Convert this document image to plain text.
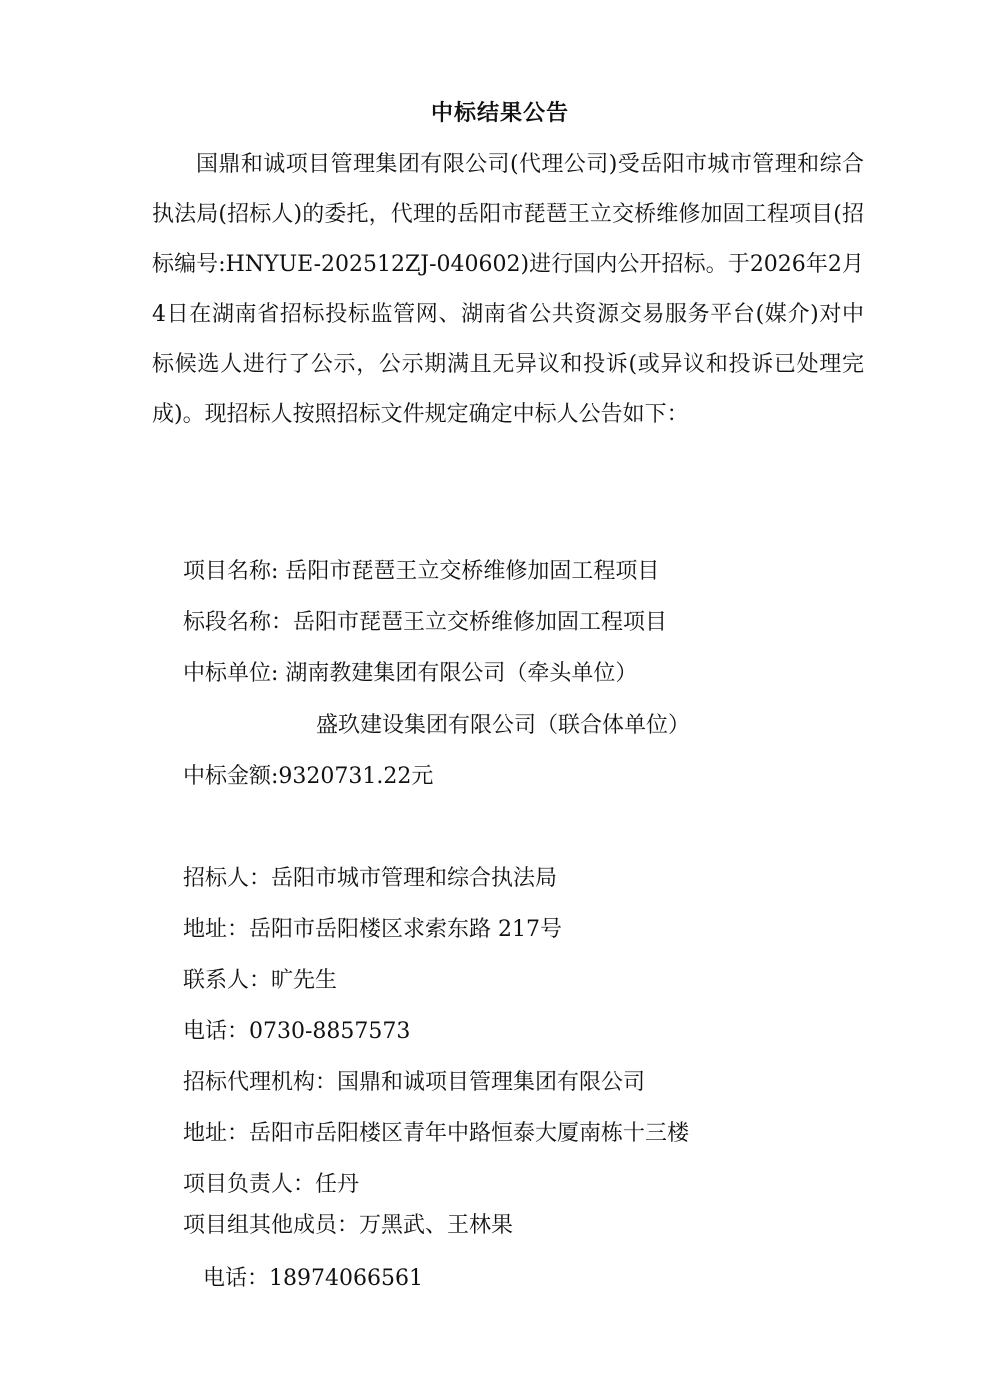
中标结果公告

国鼎和诚项目管理集团有限公司(代理公司)受岳阳市城市管理和综合执法局(招标人)的委托，代理的岳阳市琵琶王立交桥维修加固工程项目(招标编号:HNYUE-202512ZJ-040602)进行国内公开招标。于2026年2月4日在湖南省招标投标监管网、湖南省公共资源交易服务平台(媒介)对中标候选人进行了公示，公示期满且无异议和投诉(或异议和投诉已处理完成)。现招标人按照招标文件规定确定中标人公告如下：

项目名称: 岳阳市琵琶王立交桥维修加固工程项目
标段名称：岳阳市琵琶王立交桥维修加固工程项目
中标单位: 湖南教建集团有限公司（牵头单位）
盛玖建设集团有限公司（联合体单位）
中标金额:9320731.22元
招标人：岳阳市城市管理和综合执法局
地址：岳阳市岳阳楼区求索东路 217号
联系人：旷先生
电话：0730-8857573
招标代理机构：国鼎和诚项目管理集团有限公司
地址：岳阳市岳阳楼区青年中路恒泰大厦南栋十三楼
项目负责人：任丹
项目组其他成员：万黑武、王林果
电话：18974066561
